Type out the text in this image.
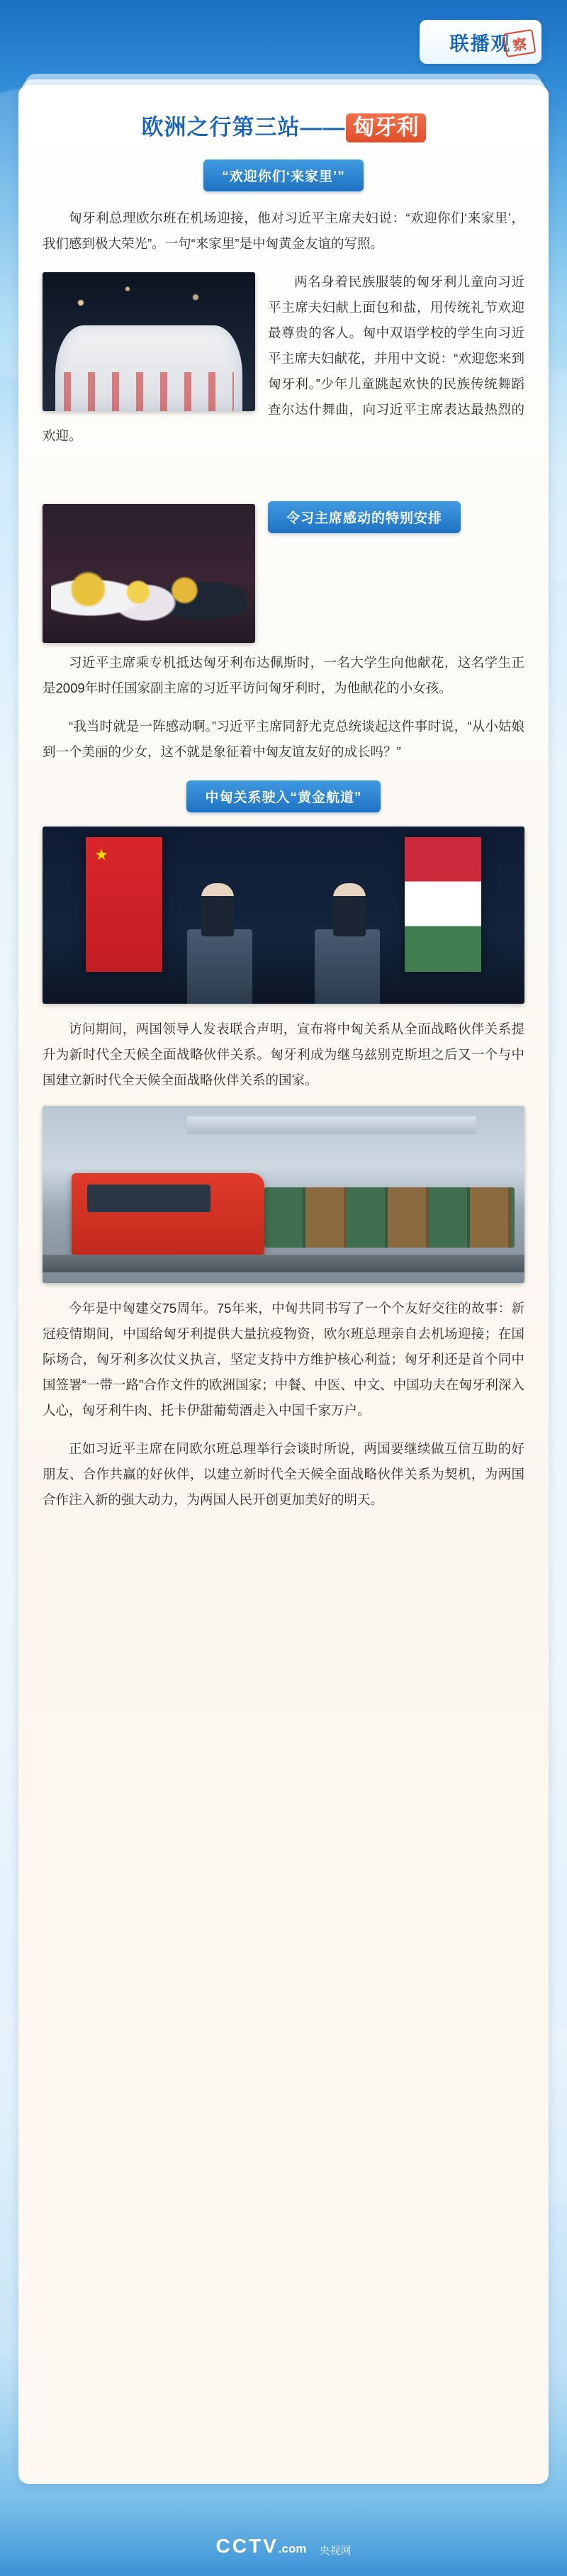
联播观 察
欧洲之行第三站—— 匈牙利
“欢迎你们‘来家里’”

匈牙利总理欧尔班在机场迎接，他对习近平主席夫妇说：“欢迎你们‘来家里’，我们感到极大荣光”。一句“来家里”是中匈黄金友谊的写照。

两名身着民族服装的匈牙利儿童向习近平主席夫妇献上面包和盐，用传统礼节欢迎最尊贵的客人。匈中双语学校的学生向习近平主席夫妇献花，并用中文说：“欢迎您来到匈牙利。”少年儿童跳起欢快的民族传统舞蹈查尔达什舞曲，向习近平主席表达最热烈的欢迎。

令习主席感动的特别安排

习近平主席乘专机抵达匈牙利布达佩斯时，一名大学生向他献花，这名学生正是2009年时任国家副主席的习近平访问匈牙利时，为他献花的小女孩。

“我当时就是一阵感动啊。”习近平主席同舒尤克总统谈起这件事时说，“从小姑娘到一个美丽的少女，这不就是象征着中匈友谊友好的成长吗？”

中匈关系驶入“黄金航道”
★

访问期间，两国领导人发表联合声明，宣布将中匈关系从全面战略伙伴关系提升为新时代全天候全面战略伙伴关系。匈牙利成为继乌兹别克斯坦之后又一个与中国建立新时代全天候全面战略伙伴关系的国家。

今年是中匈建交75周年。75年来，中匈共同书写了一个个友好交往的故事：新冠疫情期间，中国给匈牙利提供大量抗疫物资，欧尔班总理亲自去机场迎接；在国际场合，匈牙利多次仗义执言，坚定支持中方维护核心利益；匈牙利还是首个同中国签署“一带一路”合作文件的欧洲国家；中餐、中医、中文、中国功夫在匈牙利深入人心，匈牙利牛肉、托卡伊甜葡萄酒走入中国千家万户。

正如习近平主席在同欧尔班总理举行会谈时所说，两国要继续做互信互助的好朋友、合作共赢的好伙伴，以建立新时代全天候全面战略伙伴关系为契机，为两国合作注入新的强大动力，为两国人民开创更加美好的明天。

CCTV.com 央视网
